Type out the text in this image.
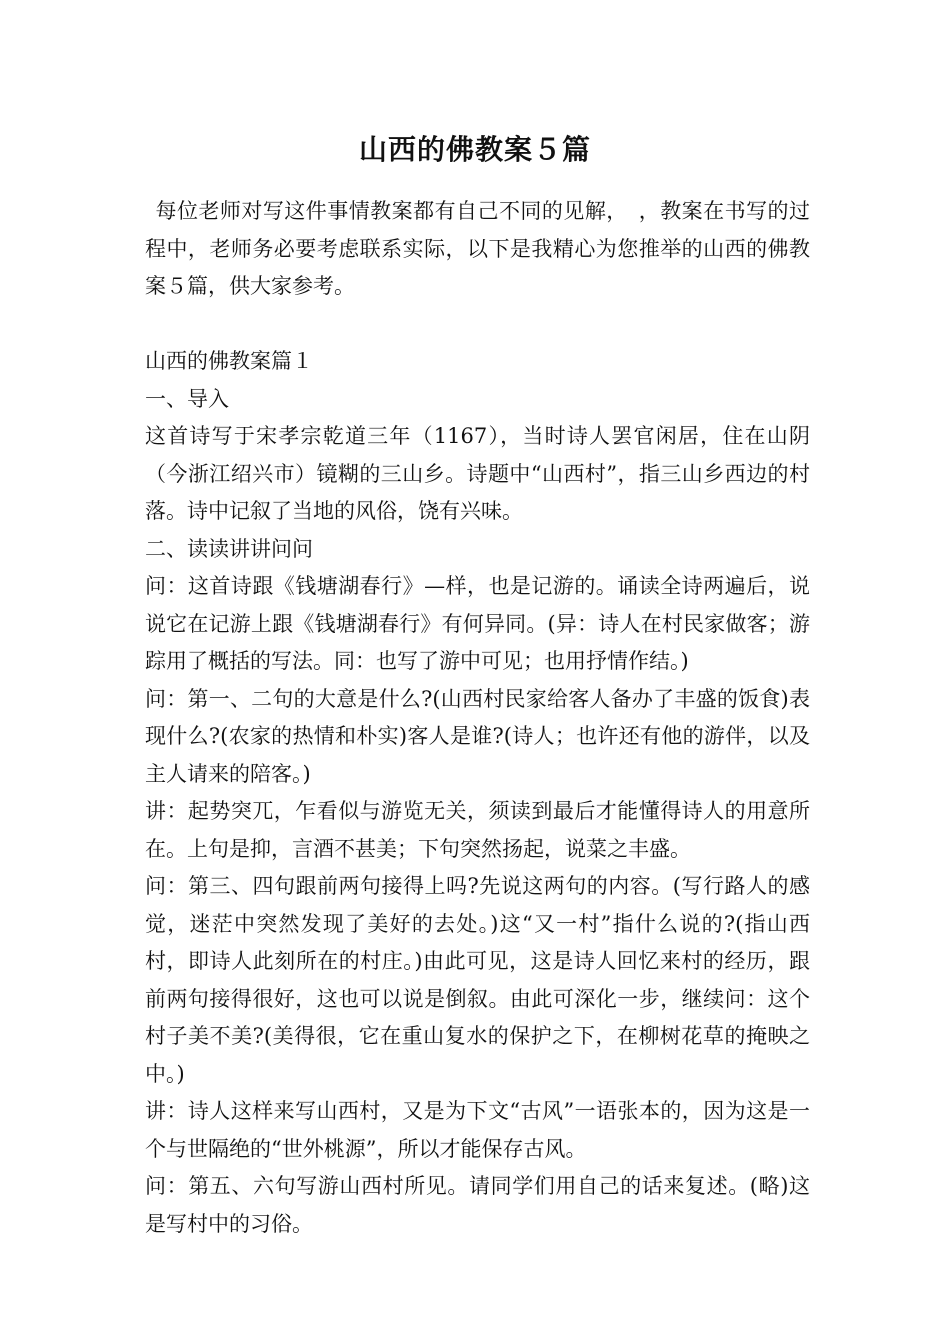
山西的佛教案５篇

每位老师对写这件事情教案都有自己不同的见解，　，教案在书写的过程中，老师务必要考虑联系实际，以下是我精心为您推举的山西的佛教案５篇，供大家参考。

山西的佛教案篇１

一、导入

这首诗写于宋孝宗乾道三年（1167），当时诗人罢官闲居，住在山阴（今浙江绍兴市）镜糊的三山乡。诗题中“山西村”，指三山乡西边的村落。诗中记叙了当地的风俗，饶有兴味。

二、读读讲讲问问

问：这首诗跟《钱塘湖春行》—样，也是记游的。诵读全诗两遍后，说说它在记游上跟《钱塘湖春行》有何异同。(异：诗人在村民家做客；游踪用了概括的写法。同：也写了游中可见；也用抒情作结。)

问：第一、二句的大意是什么?(山西村民家给客人备办了丰盛的饭食)表现什么?(农家的热情和朴实)客人是谁?(诗人；也许还有他的游伴，以及主人请来的陪客。)

讲：起势突兀，乍看似与游览无关，须读到最后才能懂得诗人的用意所在。上句是抑，言酒不甚美；下句突然扬起，说菜之丰盛。

问：第三、四句跟前两句接得上吗?先说这两句的内容。(写行路人的感觉，迷茫中突然发现了美好的去处。)这“又一村”指什么说的?(指山西村，即诗人此刻所在的村庄。)由此可见，这是诗人回忆来村的经历，跟前两句接得很好，这也可以说是倒叙。由此可深化一步，继续问：这个村子美不美?(美得很，它在重山复水的保护之下，在柳树花草的掩映之中。)

讲：诗人这样来写山西村，又是为下文“古风”一语张本的，因为这是一个与世隔绝的“世外桃源”，所以才能保存古风。

问：第五、六句写游山西村所见。请同学们用自己的话来复述。(略)这是写村中的习俗。
